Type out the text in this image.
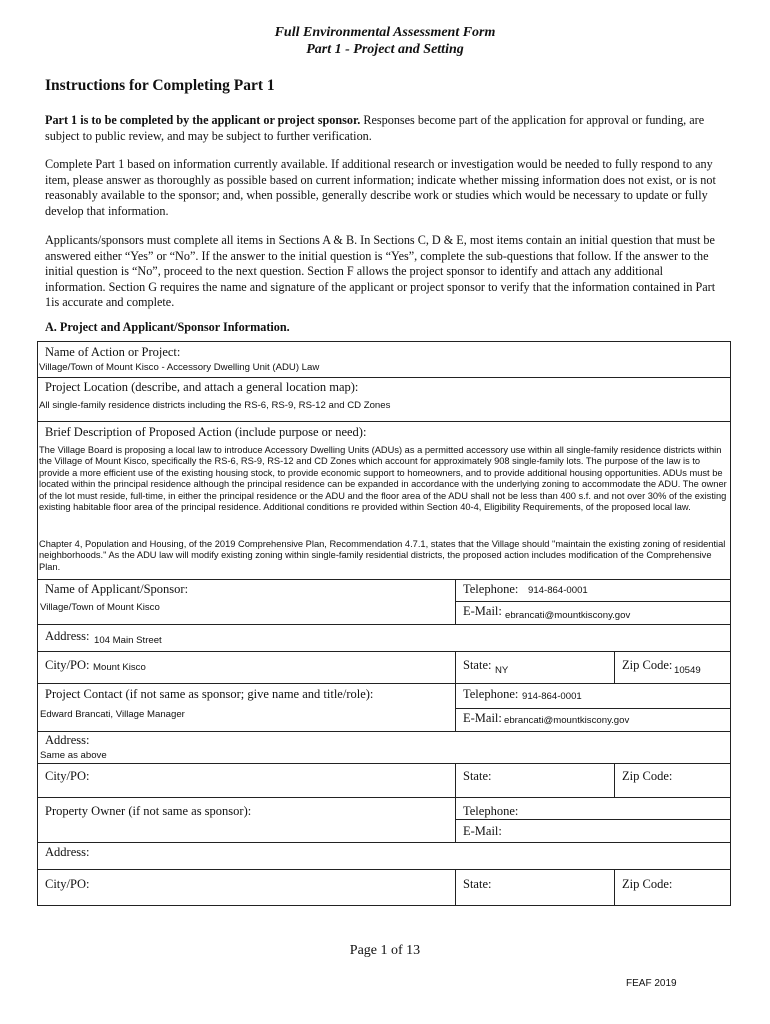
Full Environmental Assessment Form
Part 1 - Project and Setting
Instructions for Completing Part 1
Part 1 is to be completed by the applicant or project sponsor. Responses become part of the application for approval or funding, are subject to public review, and may be subject to further verification.
Complete Part 1 based on information currently available. If additional research or investigation would be needed to fully respond to any item, please answer as thoroughly as possible based on current information; indicate whether missing information does not exist, or is not reasonably available to the sponsor; and, when possible, generally describe work or studies which would be necessary to update or fully develop that information.
Applicants/sponsors must complete all items in Sections A & B. In Sections C, D & E, most items contain an initial question that must be answered either “Yes” or “No”. If the answer to the initial question is “Yes”, complete the sub-questions that follow. If the answer to the initial question is “No”, proceed to the next question. Section F allows the project sponsor to identify and attach any additional information. Section G requires the name and signature of the applicant or project sponsor to verify that the information contained in Part 1is accurate and complete.
A. Project and Applicant/Sponsor Information.
Name of Action or Project:
Village/Town of Mount Kisco - Accessory Dwelling Unit (ADU) Law
Project Location (describe, and attach a general location map):
All single-family residence districts including the RS-6, RS-9, RS-12 and CD Zones
Brief Description of Proposed Action (include purpose or need):
The Village Board is proposing a local law to introduce Accessory Dwelling Units (ADUs) as a permitted accessory use within all single-family residence districts within the Village of Mount Kisco, specifically the RS-6, RS-9, RS-12 and CD Zones which account for approximately 908 single-family lots. The purpose of the law is to provide a more efficient use of the existing housing stock, to provide economic support to homeowners, and to provide additional housing opportunities. ADUs must be located within the principal residence although the principal residence can be expanded in accordance with the underlying zoning to accommodate the ADU. The owner of the lot must reside, full-time, in either the principal residence or the ADU and the floor area of the ADU shall not be less than 400 s.f. and not over 30% of the existing existing habitable floor area of the principal residence. Additional conditions re provided within Section 40-4, Eligibility Requirements, of the proposed local law.
Chapter 4, Population and Housing, of the 2019 Comprehensive Plan, Recommendation 4.7.1, states that the Village should "maintain the existing zoning of residential neighborhoods." As the ADU law will modify existing zoning within single-family residential districts, the proposed action includes modification of the Comprehensive Plan.
Name of Applicant/Sponsor:
Village/Town of Mount Kisco
Telephone: 914-864-0001
E-Mail: ebrancati@mountkiscony.gov
Address: 104 Main Street
City/PO: Mount Kisco	State: NY	Zip Code: 10549
Project Contact (if not same as sponsor; give name and title/role):
Edward Brancati, Village Manager
Telephone: 914-864-0001
E-Mail: ebrancati@mountkiscony.gov
Address:
Same as above
City/PO:	State:	Zip Code:
Property Owner (if not same as sponsor):	Telephone:
E-Mail:
Address:
City/PO:	State:	Zip Code:
Page 1 of 13
FEAF 2019
